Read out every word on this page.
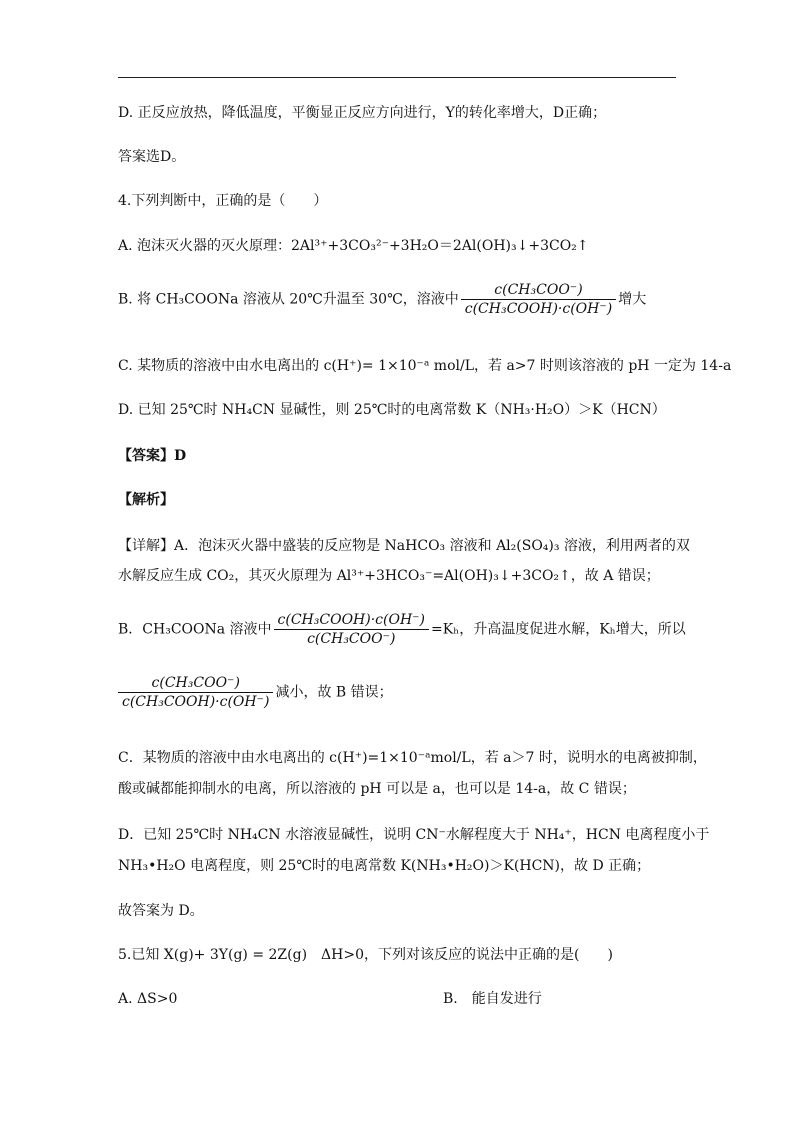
D. 正反应放热，降低温度，平衡显正反应方向进行，Y的转化率增大，D正确；
答案选D。
4.下列判断中，正确的是（　　）
A. 泡沫灭火器的灭火原理：2Al³⁺+3CO₃²⁻+3H₂O＝2Al(OH)₃↓+3CO₂↑
B. 将 CH₃COONa 溶液从 20℃升温至 30℃，溶液中 $\frac{\text{c(CH₃COO⁻)}}{\text{c(CH₃COOH)·c(OH⁻)}}$ 增大
C. 某物质的溶液中由水电离出的 c(H⁺)= 1×10⁻ᵃ mol/L，若 a>7 时则该溶液的 pH 一定为 14-a
D. 已知 25℃时 NH₄CN 显碱性，则 25℃时的电离常数 K（NH₃·H₂O）＞K（HCN）
【答案】D
【解析】
【详解】A．泡沫灭火器中盛装的反应物是 NaHCO₃ 溶液和 Al₂(SO₄)₃ 溶液，利用两者的双
水解反应生成 CO₂，其灭火原理为 Al³⁺+3HCO₃⁻=Al(OH)₃↓+3CO₂↑，故 A 错误；
B．CH₃COONa 溶液中 $\frac{\text{c(CH₃COOH)·c(OH⁻)}}{\text{c(CH₃COO⁻)}} =K_h$，升高温度促进水解，Kₕ增大，所以
$\frac{\text{c(CH₃COO⁻)}}{\text{c(CH₃COOH)·c(OH⁻)}}$ 减小，故 B 错误；
C．某物质的溶液中由水电离出的 c(H⁺)=1×10⁻ᵃmol/L，若 a＞7 时，说明水的电离被抑制，
酸或碱都能抑制水的电离，所以溶液的 pH 可以是 a，也可以是 14-a，故 C 错误；
D．已知 25℃时 NH₄CN 水溶液显碱性，说明 CN⁻水解程度大于 NH₄⁺，HCN 电离程度小于
NH₃•H₂O 电离程度，则 25℃时的电离常数 K(NH₃•H₂O)＞K(HCN)，故 D 正确；
故答案为 D。
5.已知 X(g)+ 3Y(g) = 2Z(g)　ΔH>0，下列对该反应的说法中正确的是(　　)
A. ΔS>0	B.　能自发进行
